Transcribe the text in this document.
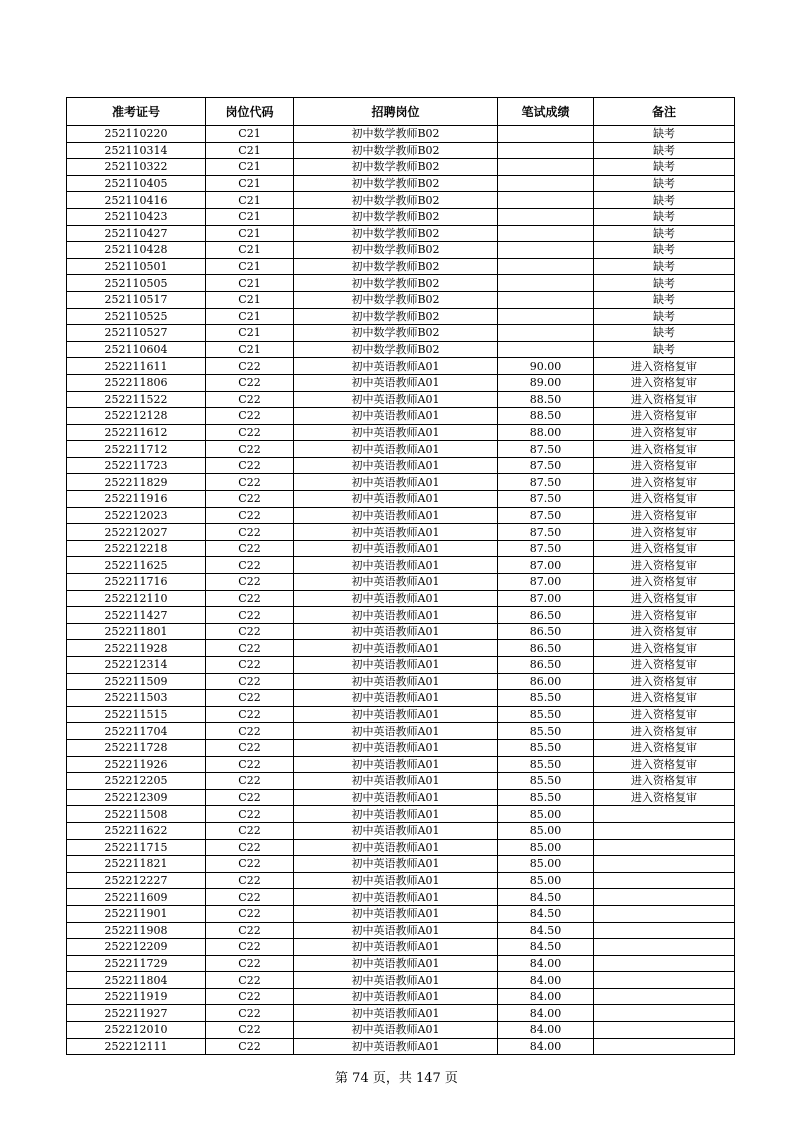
准考证号	岗位代码	招聘岗位	笔试成绩	备注
252110220	C21	初中数学教师B02		缺考
252110314	C21	初中数学教师B02		缺考
252110322	C21	初中数学教师B02		缺考
252110405	C21	初中数学教师B02		缺考
252110416	C21	初中数学教师B02		缺考
252110423	C21	初中数学教师B02		缺考
252110427	C21	初中数学教师B02		缺考
252110428	C21	初中数学教师B02		缺考
252110501	C21	初中数学教师B02		缺考
252110505	C21	初中数学教师B02		缺考
252110517	C21	初中数学教师B02		缺考
252110525	C21	初中数学教师B02		缺考
252110527	C21	初中数学教师B02		缺考
252110604	C21	初中数学教师B02		缺考
252211611	C22	初中英语教师A01	90.00	进入资格复审
252211806	C22	初中英语教师A01	89.00	进入资格复审
252211522	C22	初中英语教师A01	88.50	进入资格复审
252212128	C22	初中英语教师A01	88.50	进入资格复审
252211612	C22	初中英语教师A01	88.00	进入资格复审
252211712	C22	初中英语教师A01	87.50	进入资格复审
252211723	C22	初中英语教师A01	87.50	进入资格复审
252211829	C22	初中英语教师A01	87.50	进入资格复审
252211916	C22	初中英语教师A01	87.50	进入资格复审
252212023	C22	初中英语教师A01	87.50	进入资格复审
252212027	C22	初中英语教师A01	87.50	进入资格复审
252212218	C22	初中英语教师A01	87.50	进入资格复审
252211625	C22	初中英语教师A01	87.00	进入资格复审
252211716	C22	初中英语教师A01	87.00	进入资格复审
252212110	C22	初中英语教师A01	87.00	进入资格复审
252211427	C22	初中英语教师A01	86.50	进入资格复审
252211801	C22	初中英语教师A01	86.50	进入资格复审
252211928	C22	初中英语教师A01	86.50	进入资格复审
252212314	C22	初中英语教师A01	86.50	进入资格复审
252211509	C22	初中英语教师A01	86.00	进入资格复审
252211503	C22	初中英语教师A01	85.50	进入资格复审
252211515	C22	初中英语教师A01	85.50	进入资格复审
252211704	C22	初中英语教师A01	85.50	进入资格复审
252211728	C22	初中英语教师A01	85.50	进入资格复审
252211926	C22	初中英语教师A01	85.50	进入资格复审
252212205	C22	初中英语教师A01	85.50	进入资格复审
252212309	C22	初中英语教师A01	85.50	进入资格复审
252211508	C22	初中英语教师A01	85.00	
252211622	C22	初中英语教师A01	85.00	
252211715	C22	初中英语教师A01	85.00	
252211821	C22	初中英语教师A01	85.00	
252212227	C22	初中英语教师A01	85.00	
252211609	C22	初中英语教师A01	84.50	
252211901	C22	初中英语教师A01	84.50	
252211908	C22	初中英语教师A01	84.50	
252212209	C22	初中英语教师A01	84.50	
252211729	C22	初中英语教师A01	84.00	
252211804	C22	初中英语教师A01	84.00	
252211919	C22	初中英语教师A01	84.00	
252211927	C22	初中英语教师A01	84.00	
252212010	C22	初中英语教师A01	84.00	
252212111	C22	初中英语教师A01	84.00	
第 74 页，共 147 页
